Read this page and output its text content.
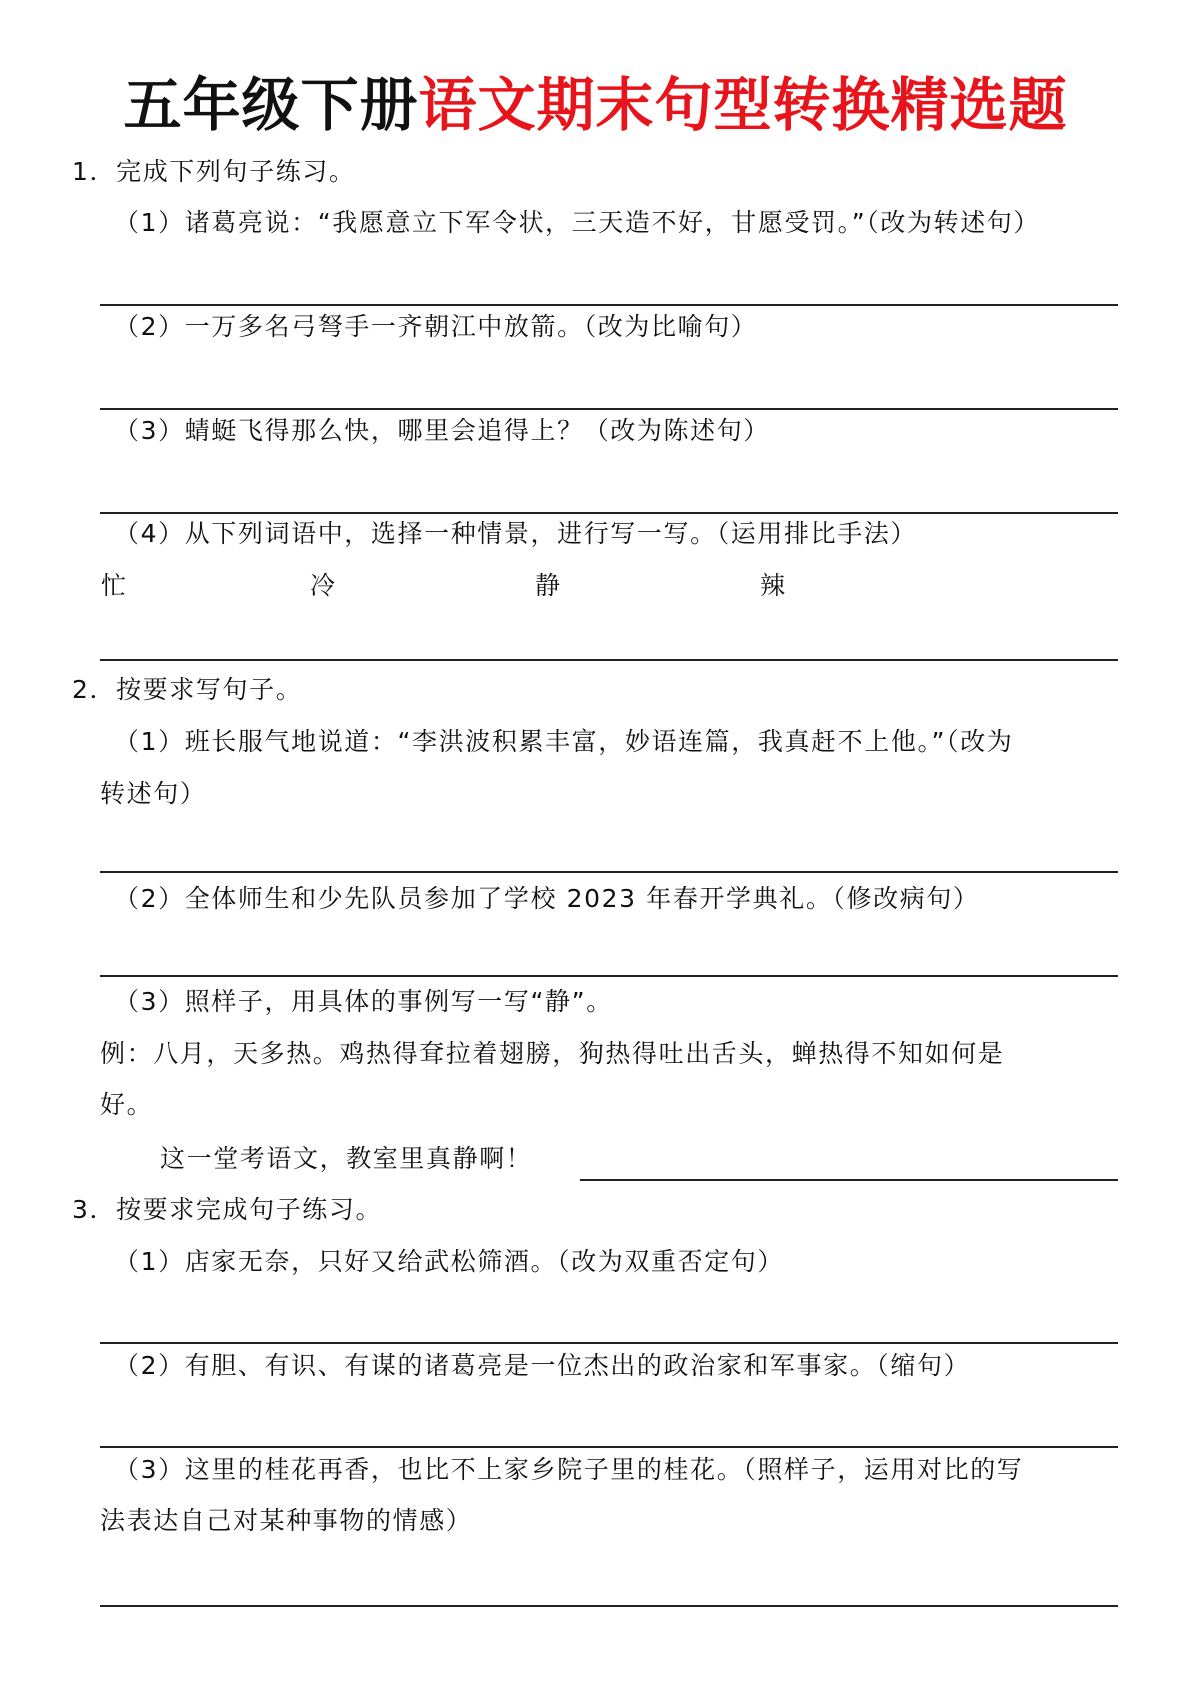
五年级下册语文期末句型转换精选题
1．完成下列句子练习。
（1）诸葛亮说：“我愿意立下军令状，三天造不好，甘愿受罚。”（改为转述句）
（2）一万多名弓弩手一齐朝江中放箭。（改为比喻句）
（3）蜻蜓飞得那么快，哪里会追得上？（改为陈述句）
（4）从下列词语中，选择一种情景，进行写一写。（运用排比手法）
忙	冷	静	辣
2．按要求写句子。
（1）班长服气地说道：“李洪波积累丰富，妙语连篇，我真赶不上他。”（改为
转述句）
（2）全体师生和少先队员参加了学校 2023 年春开学典礼。（修改病句）
（3）照样子，用具体的事例写一写“静”。
例：八月，天多热。鸡热得耷拉着翅膀，狗热得吐出舌头，蝉热得不知如何是
好。
这一堂考语文，教室里真静啊！
3．按要求完成句子练习。
（1）店家无奈，只好又给武松筛酒。（改为双重否定句）
（2）有胆、有识、有谋的诸葛亮是一位杰出的政治家和军事家。（缩句）
（3）这里的桂花再香，也比不上家乡院子里的桂花。（照样子，运用对比的写
法表达自己对某种事物的情感）
